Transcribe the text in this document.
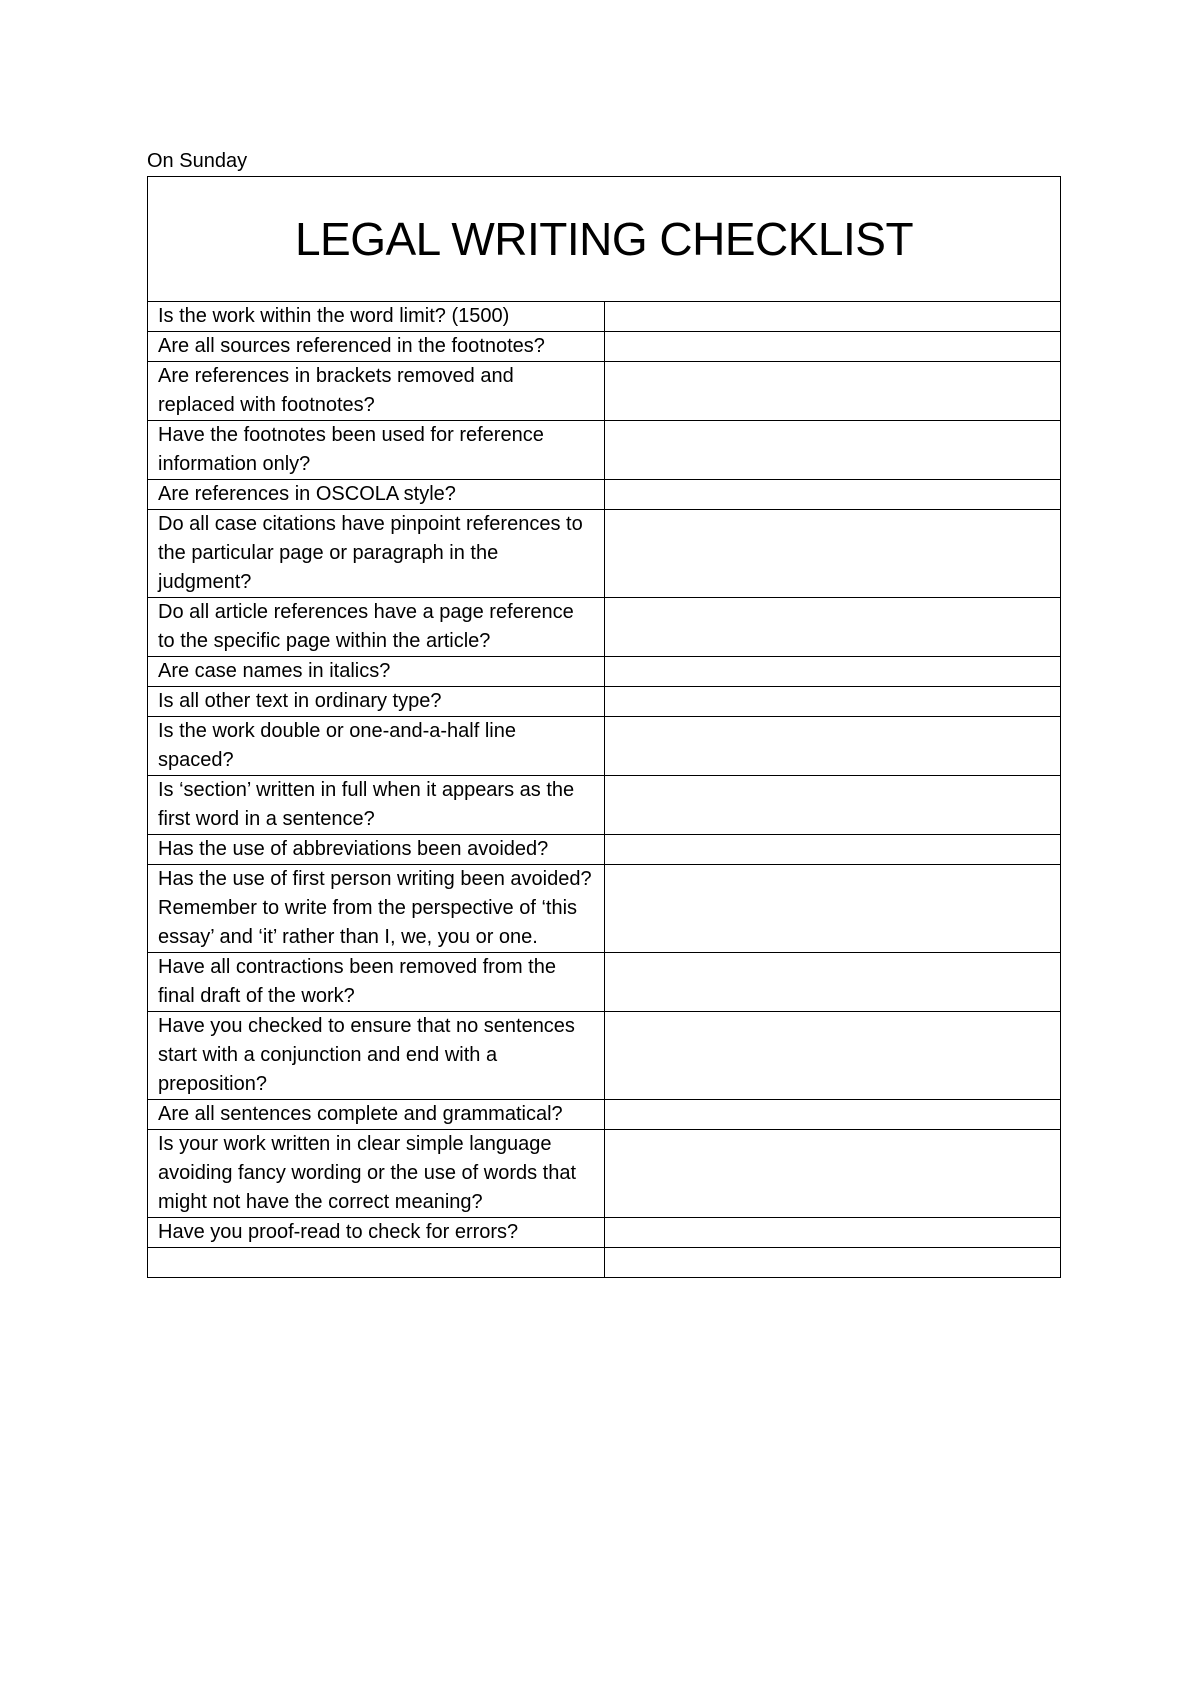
On Sunday
LEGAL WRITING CHECKLIST	
Is the work within the word limit? (1500)	
Are all sources referenced in the footnotes?	
Are references in brackets removed and replaced with footnotes?	
Have the footnotes been used for reference information only?	
Are references in OSCOLA style?	
Do all case citations have pinpoint references to the particular page or paragraph in the judgment?	
Do all article references have a page reference to the specific page within the article?	
Are case names in italics?	
Is all other text in ordinary type?	
Is the work double or one-and-a-half line spaced?	
Is ‘section’ written in full when it appears as the first word in a sentence?	
Has the use of abbreviations been avoided?	
Has the use of first person writing been avoided? Remember to write from the perspective of ‘this essay’ and ‘it’ rather than I, we, you or one.	
Have all contractions been removed from the final draft of the work?	
Have you checked to ensure that no sentences start with a conjunction and end with a preposition?	
Are all sentences complete and grammatical?	
Is your work written in clear simple language avoiding fancy wording or the use of words that might not have the correct meaning?	
Have you proof-read to check for errors?	
